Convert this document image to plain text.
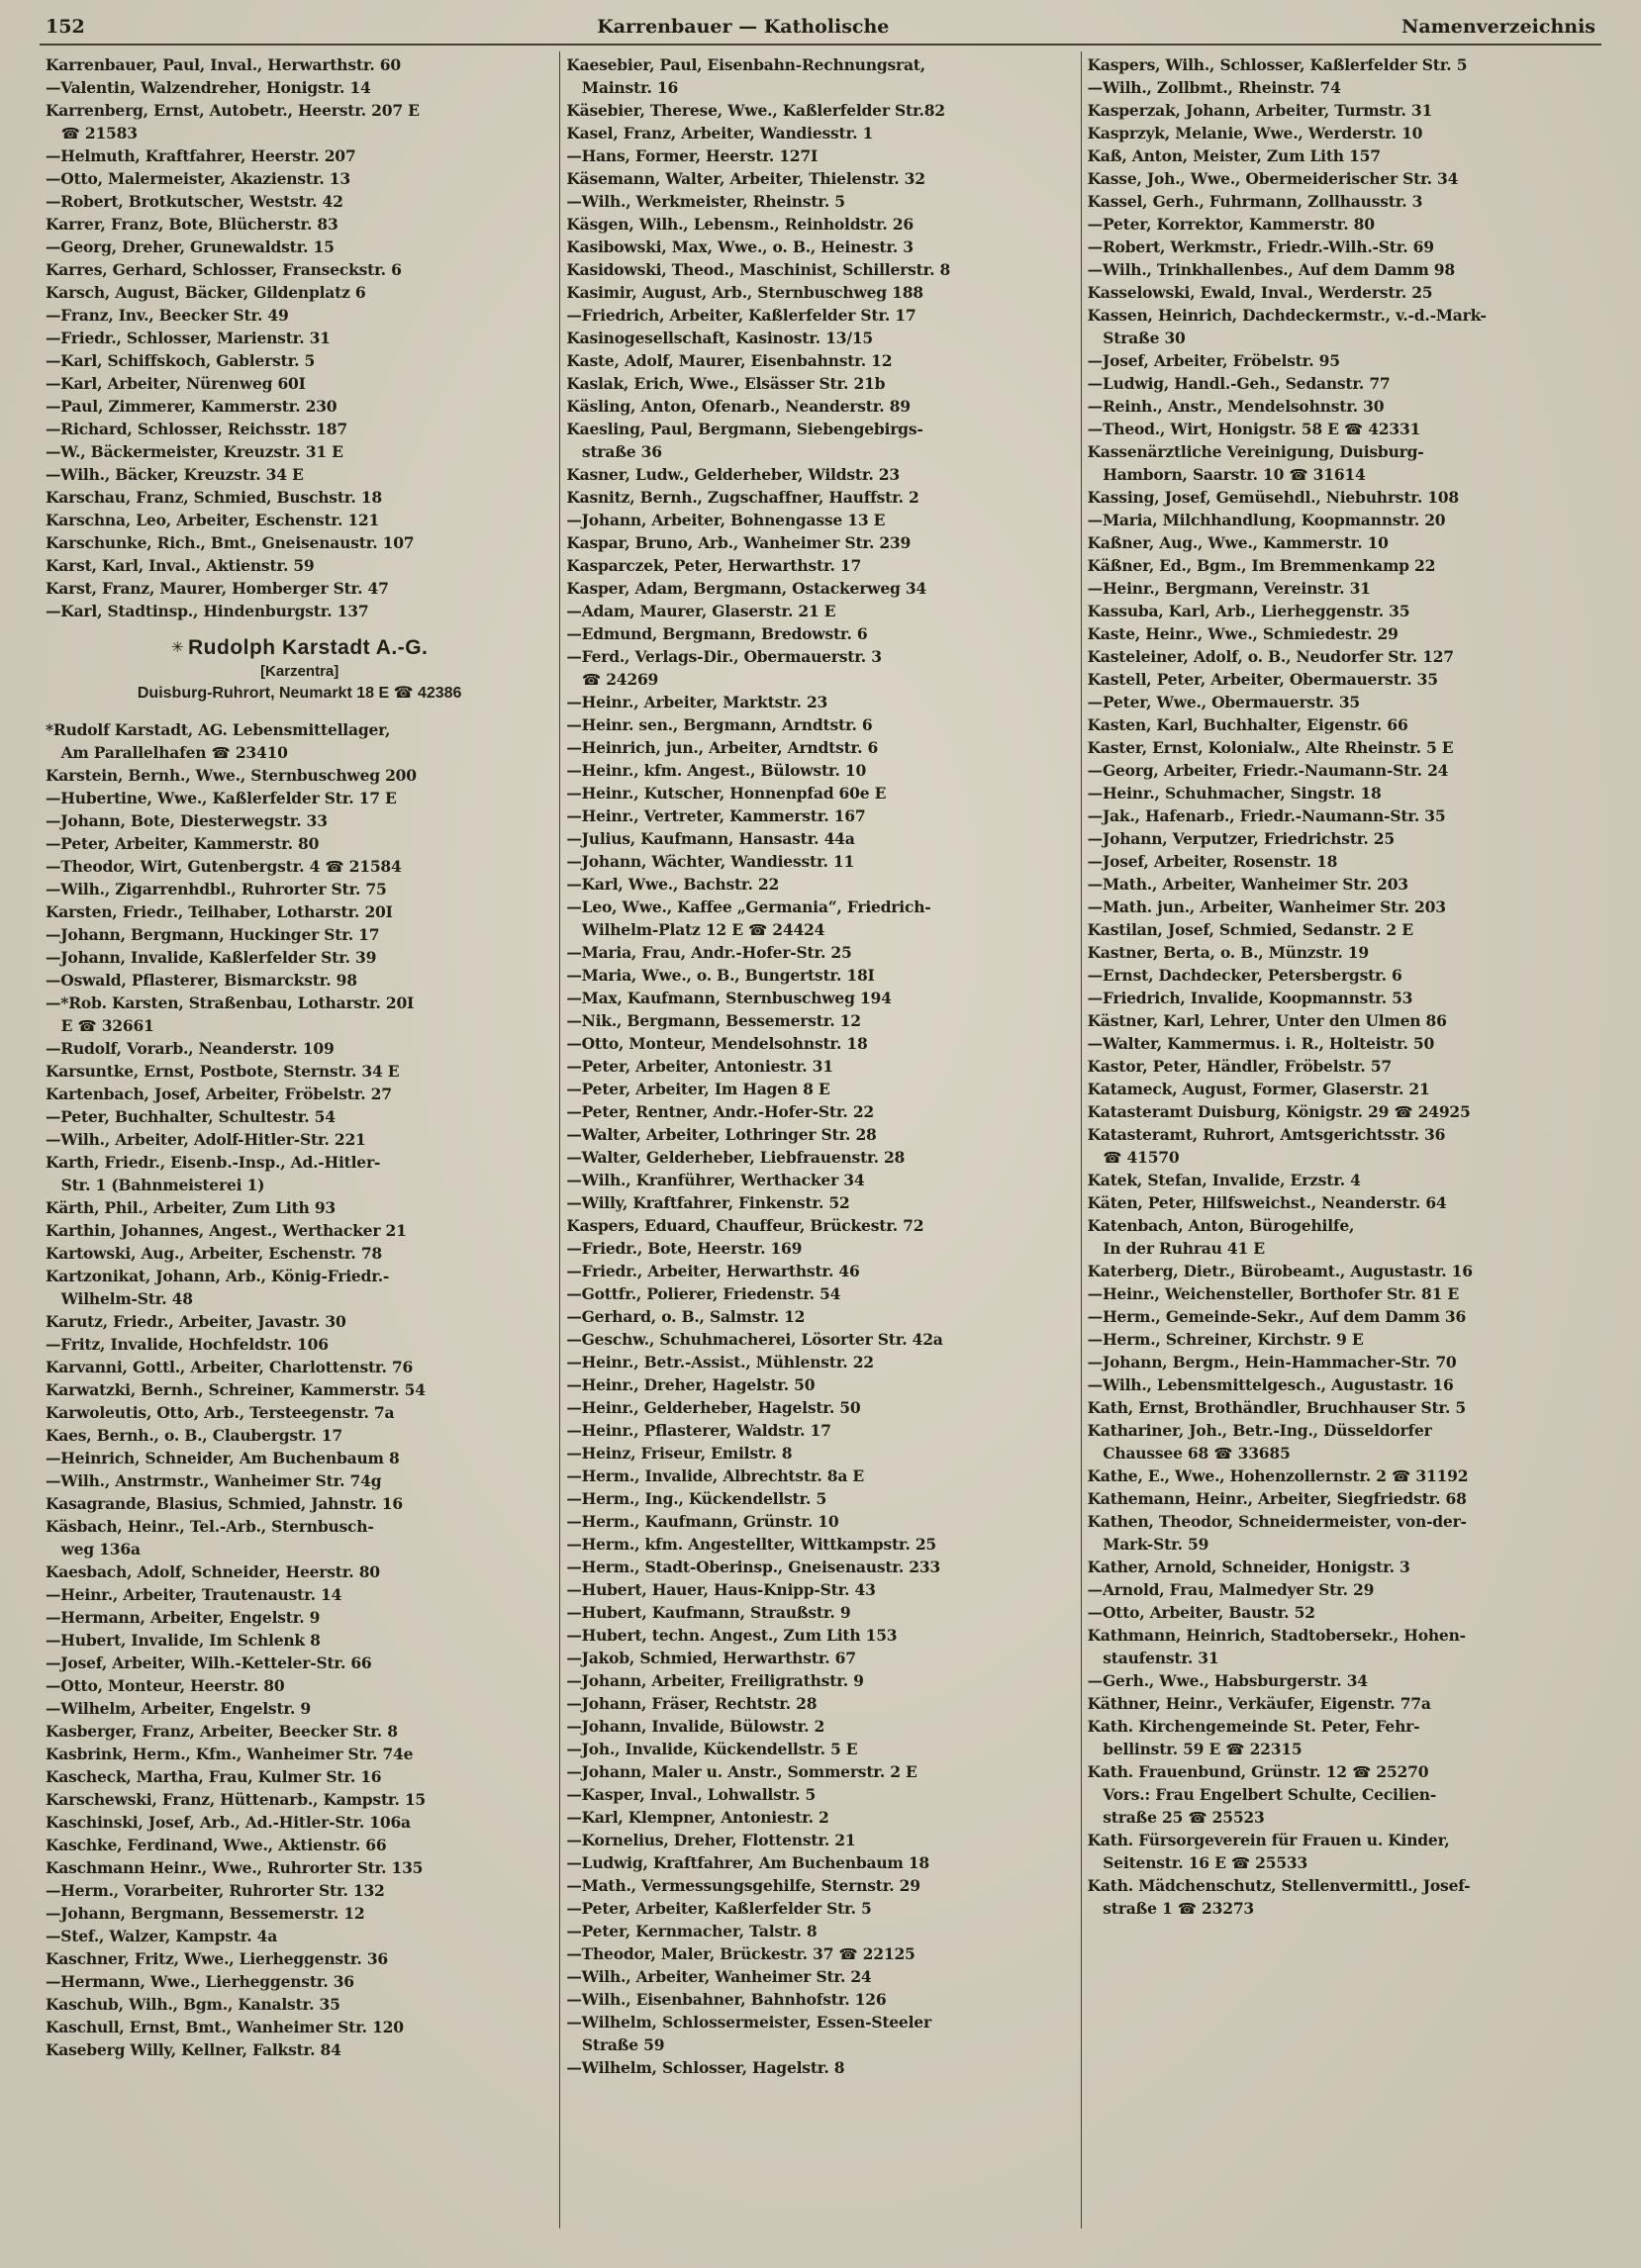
152	Karrenbauer — Katholische	Namenverzeichnis
Karrenbauer, Paul, Inval., Herwarthstr. 60
—Valentin, Walzendreher, Honigstr. 14
Karrenberg, Ernst, Autobetr., Heerstr. 207 E
☎ 21583
—Helmuth, Kraftfahrer, Heerstr. 207
—Otto, Malermeister, Akazienstr. 13
—Robert, Brotkutscher, Weststr. 42
Karrer, Franz, Bote, Blücherstr. 83
—Georg, Dreher, Grunewaldstr. 15
Karres, Gerhard, Schlosser, Franseckstr. 6
Karsch, August, Bäcker, Gildenplatz 6
—Franz, Inv., Beecker Str. 49
—Friedr., Schlosser, Marienstr. 31
—Karl, Schiffskoch, Gablerstr. 5
—Karl, Arbeiter, Nürenweg 60I
—Paul, Zimmerer, Kammerstr. 230
—Richard, Schlosser, Reichsstr. 187
—W., Bäckermeister, Kreuzstr. 31 E
—Wilh., Bäcker, Kreuzstr. 34 E
Karschau, Franz, Schmied, Buschstr. 18
Karschna, Leo, Arbeiter, Eschenstr. 121
Karschunke, Rich., Bmt., Gneisenaustr. 107
Karst, Karl, Inval., Aktienstr. 59
Karst, Franz, Maurer, Homberger Str. 47
—Karl, Stadtinsp., Hindenburgstr. 137
✳ Rudolph Karstadt A.-G.
[Karzentra]
Duisburg-Ruhrort, Neumarkt 18 E ☎ 42386
*Rudolf Karstadt, AG. Lebensmittellager,
Am Parallelhafen ☎ 23410
Karstein, Bernh., Wwe., Sternbuschweg 200
—Hubertine, Wwe., Kaßlerfelder Str. 17 E
—Johann, Bote, Diesterwegstr. 33
—Peter, Arbeiter, Kammerstr. 80
—Theodor, Wirt, Gutenbergstr. 4 ☎ 21584
—Wilh., Zigarrenhdbl., Ruhrorter Str. 75
Karsten, Friedr., Teilhaber, Lotharstr. 20I
—Johann, Bergmann, Huckinger Str. 17
—Johann, Invalide, Kaßlerfelder Str. 39
—Oswald, Pflasterer, Bismarckstr. 98
—*Rob. Karsten, Straßenbau, Lotharstr. 20I
E ☎ 32661
—Rudolf, Vorarb., Neanderstr. 109
Karsuntke, Ernst, Postbote, Sternstr. 34 E
Kartenbach, Josef, Arbeiter, Fröbelstr. 27
—Peter, Buchhalter, Schultestr. 54
—Wilh., Arbeiter, Adolf-Hitler-Str. 221
Karth, Friedr., Eisenb.-Insp., Ad.-Hitler-
Str. 1 (Bahnmeisterei 1)
Kärth, Phil., Arbeiter, Zum Lith 93
Karthin, Johannes, Angest., Werthacker 21
Kartowski, Aug., Arbeiter, Eschenstr. 78
Kartzonikat, Johann, Arb., König-Friedr.-
Wilhelm-Str. 48
Karutz, Friedr., Arbeiter, Javastr. 30
—Fritz, Invalide, Hochfeldstr. 106
Karvanni, Gottl., Arbeiter, Charlottenstr. 76
Karwatzki, Bernh., Schreiner, Kammerstr. 54
Karwoleutis, Otto, Arb., Tersteegenstr. 7a
Kaes, Bernh., o. B., Claubergstr. 17
—Heinrich, Schneider, Am Buchenbaum 8
—Wilh., Anstrmstr., Wanheimer Str. 74g
Kasagrande, Blasius, Schmied, Jahnstr. 16
Käsbach, Heinr., Tel.-Arb., Sternbusch-
weg 136a
Kaesbach, Adolf, Schneider, Heerstr. 80
—Heinr., Arbeiter, Trautenaustr. 14
—Hermann, Arbeiter, Engelstr. 9
—Hubert, Invalide, Im Schlenk 8
—Josef, Arbeiter, Wilh.-Ketteler-Str. 66
—Otto, Monteur, Heerstr. 80
—Wilhelm, Arbeiter, Engelstr. 9
Kasberger, Franz, Arbeiter, Beecker Str. 8
Kasbrink, Herm., Kfm., Wanheimer Str. 74e
Kascheck, Martha, Frau, Kulmer Str. 16
Karschewski, Franz, Hüttenarb., Kampstr. 15
Kaschinski, Josef, Arb., Ad.-Hitler-Str. 106a
Kaschke, Ferdinand, Wwe., Aktienstr. 66
Kaschmann Heinr., Wwe., Ruhrorter Str. 135
—Herm., Vorarbeiter, Ruhrorter Str. 132
—Johann, Bergmann, Bessemerstr. 12
—Stef., Walzer, Kampstr. 4a
Kaschner, Fritz, Wwe., Lierheggenstr. 36
—Hermann, Wwe., Lierheggenstr. 36
Kaschub, Wilh., Bgm., Kanalstr. 35
Kaschull, Ernst, Bmt., Wanheimer Str. 120
Kaseberg Willy, Kellner, Falkstr. 84
Kaesebier, Paul, Eisenbahn-Rechnungsrat,
Mainstr. 16
Käsebier, Therese, Wwe., Kaßlerfelder Str.82
Kasel, Franz, Arbeiter, Wandiesstr. 1
—Hans, Former, Heerstr. 127I
Käsemann, Walter, Arbeiter, Thielenstr. 32
—Wilh., Werkmeister, Rheinstr. 5
Käsgen, Wilh., Lebensm., Reinholdstr. 26
Kasibowski, Max, Wwe., o. B., Heinestr. 3
Kasidowski, Theod., Maschinist, Schillerstr. 8
Kasimir, August, Arb., Sternbuschweg 188
—Friedrich, Arbeiter, Kaßlerfelder Str. 17
Kasinogesellschaft, Kasinostr. 13/15
Kaste, Adolf, Maurer, Eisenbahnstr. 12
Kaslak, Erich, Wwe., Elsässer Str. 21b
Käsling, Anton, Ofenarb., Neanderstr. 89
Kaesling, Paul, Bergmann, Siebengebirgs-
straße 36
Kasner, Ludw., Gelderheber, Wildstr. 23
Kasnitz, Bernh., Zugschaffner, Hauffstr. 2
—Johann, Arbeiter, Bohnengasse 13 E
Kaspar, Bruno, Arb., Wanheimer Str. 239
Kasparczek, Peter, Herwarthstr. 17
Kasper, Adam, Bergmann, Ostackerweg 34
—Adam, Maurer, Glaserstr. 21 E
—Edmund, Bergmann, Bredowstr. 6
—Ferd., Verlags-Dir., Obermauerstr. 3
☎ 24269
—Heinr., Arbeiter, Marktstr. 23
—Heinr. sen., Bergmann, Arndtstr. 6
—Heinrich, jun., Arbeiter, Arndtstr. 6
—Heinr., kfm. Angest., Bülowstr. 10
—Heinr., Kutscher, Honnenpfad 60e E
—Heinr., Vertreter, Kammerstr. 167
—Julius, Kaufmann, Hansastr. 44a
—Johann, Wächter, Wandiesstr. 11
—Karl, Wwe., Bachstr. 22
—Leo, Wwe., Kaffee „Germania“, Friedrich-
Wilhelm-Platz 12 E ☎ 24424
—Maria, Frau, Andr.-Hofer-Str. 25
—Maria, Wwe., o. B., Bungertstr. 18I
—Max, Kaufmann, Sternbuschweg 194
—Nik., Bergmann, Bessemerstr. 12
—Otto, Monteur, Mendelsohnstr. 18
—Peter, Arbeiter, Antoniestr. 31
—Peter, Arbeiter, Im Hagen 8 E
—Peter, Rentner, Andr.-Hofer-Str. 22
—Walter, Arbeiter, Lothringer Str. 28
—Walter, Gelderheber, Liebfrauenstr. 28
—Wilh., Kranführer, Werthacker 34
—Willy, Kraftfahrer, Finkenstr. 52
Kaspers, Eduard, Chauffeur, Brückestr. 72
—Friedr., Bote, Heerstr. 169
—Friedr., Arbeiter, Herwarthstr. 46
—Gottfr., Polierer, Friedenstr. 54
—Gerhard, o. B., Salmstr. 12
—Geschw., Schuhmacherei, Lösorter Str. 42a
—Heinr., Betr.-Assist., Mühlenstr. 22
—Heinr., Dreher, Hagelstr. 50
—Heinr., Gelderheber, Hagelstr. 50
—Heinr., Pflasterer, Waldstr. 17
—Heinz, Friseur, Emilstr. 8
—Herm., Invalide, Albrechtstr. 8a E
—Herm., Ing., Kückendellstr. 5
—Herm., Kaufmann, Grünstr. 10
—Herm., kfm. Angestellter, Wittkampstr. 25
—Herm., Stadt-Oberinsp., Gneisenaustr. 233
—Hubert, Hauer, Haus-Knipp-Str. 43
—Hubert, Kaufmann, Straußstr. 9
—Hubert, techn. Angest., Zum Lith 153
—Jakob, Schmied, Herwarthstr. 67
—Johann, Arbeiter, Freiligrathstr. 9
—Johann, Fräser, Rechtstr. 28
—Johann, Invalide, Bülowstr. 2
—Joh., Invalide, Kückendellstr. 5 E
—Johann, Maler u. Anstr., Sommerstr. 2 E
—Kasper, Inval., Lohwallstr. 5
—Karl, Klempner, Antoniestr. 2
—Kornelius, Dreher, Flottenstr. 21
—Ludwig, Kraftfahrer, Am Buchenbaum 18
—Math., Vermessungsgehilfe, Sternstr. 29
—Peter, Arbeiter, Kaßlerfelder Str. 5
—Peter, Kernmacher, Talstr. 8
—Theodor, Maler, Brückestr. 37 ☎ 22125
—Wilh., Arbeiter, Wanheimer Str. 24
—Wilh., Eisenbahner, Bahnhofstr. 126
—Wilhelm, Schlossermeister, Essen-Steeler
Straße 59
—Wilhelm, Schlosser, Hagelstr. 8
Kaspers, Wilh., Schlosser, Kaßlerfelder Str. 5
—Wilh., Zollbmt., Rheinstr. 74
Kasperzak, Johann, Arbeiter, Turmstr. 31
Kasprzyk, Melanie, Wwe., Werderstr. 10
Kaß, Anton, Meister, Zum Lith 157
Kasse, Joh., Wwe., Obermeiderischer Str. 34
Kassel, Gerh., Fuhrmann, Zollhausstr. 3
—Peter, Korrektor, Kammerstr. 80
—Robert, Werkmstr., Friedr.-Wilh.-Str. 69
—Wilh., Trinkhallenbes., Auf dem Damm 98
Kasselowski, Ewald, Inval., Werderstr. 25
Kassen, Heinrich, Dachdeckermstr., v.-d.-Mark-
Straße 30
—Josef, Arbeiter, Fröbelstr. 95
—Ludwig, Handl.-Geh., Sedanstr. 77
—Reinh., Anstr., Mendelsohnstr. 30
—Theod., Wirt, Honigstr. 58 E ☎ 42331
Kassenärztliche Vereinigung, Duisburg-
Hamborn, Saarstr. 10 ☎ 31614
Kassing, Josef, Gemüsehdl., Niebuhrstr. 108
—Maria, Milchhandlung, Koopmannstr. 20
Kaßner, Aug., Wwe., Kammerstr. 10
Käßner, Ed., Bgm., Im Bremmenkamp 22
—Heinr., Bergmann, Vereinstr. 31
Kassuba, Karl, Arb., Lierheggenstr. 35
Kaste, Heinr., Wwe., Schmiedestr. 29
Kasteleiner, Adolf, o. B., Neudorfer Str. 127
Kastell, Peter, Arbeiter, Obermauerstr. 35
—Peter, Wwe., Obermauerstr. 35
Kasten, Karl, Buchhalter, Eigenstr. 66
Kaster, Ernst, Kolonialw., Alte Rheinstr. 5 E
—Georg, Arbeiter, Friedr.-Naumann-Str. 24
—Heinr., Schuhmacher, Singstr. 18
—Jak., Hafenarb., Friedr.-Naumann-Str. 35
—Johann, Verputzer, Friedrichstr. 25
—Josef, Arbeiter, Rosenstr. 18
—Math., Arbeiter, Wanheimer Str. 203
—Math. jun., Arbeiter, Wanheimer Str. 203
Kastilan, Josef, Schmied, Sedanstr. 2 E
Kastner, Berta, o. B., Münzstr. 19
—Ernst, Dachdecker, Petersbergstr. 6
—Friedrich, Invalide, Koopmannstr. 53
Kästner, Karl, Lehrer, Unter den Ulmen 86
—Walter, Kammermus. i. R., Holteistr. 50
Kastor, Peter, Händler, Fröbelstr. 57
Katameck, August, Former, Glaserstr. 21
Katasteramt Duisburg, Königstr. 29 ☎ 24925
Katasteramt, Ruhrort, Amtsgerichtsstr. 36
☎ 41570
Katek, Stefan, Invalide, Erzstr. 4
Käten, Peter, Hilfsweichst., Neanderstr. 64
Katenbach, Anton, Bürogehilfe,
In der Ruhrau 41 E
Katerberg, Dietr., Bürobeamt., Augustastr. 16
—Heinr., Weichensteller, Borthofer Str. 81 E
—Herm., Gemeinde-Sekr., Auf dem Damm 36
—Herm., Schreiner, Kirchstr. 9 E
—Johann, Bergm., Hein-Hammacher-Str. 70
—Wilh., Lebensmittelgesch., Augustastr. 16
Kath, Ernst, Brothändler, Bruchhauser Str. 5
Kathariner, Joh., Betr.-Ing., Düsseldorfer
Chaussee 68 ☎ 33685
Kathe, E., Wwe., Hohenzollernstr. 2 ☎ 31192
Kathemann, Heinr., Arbeiter, Siegfriedstr. 68
Kathen, Theodor, Schneidermeister, von-der-
Mark-Str. 59
Kather, Arnold, Schneider, Honigstr. 3
—Arnold, Frau, Malmedyer Str. 29
—Otto, Arbeiter, Baustr. 52
Kathmann, Heinrich, Stadtobersekr., Hohen-
staufenstr. 31
—Gerh., Wwe., Habsburgerstr. 34
Käthner, Heinr., Verkäufer, Eigenstr. 77a
Kath. Kirchengemeinde St. Peter, Fehr-
bellinstr. 59 E ☎ 22315
Kath. Frauenbund, Grünstr. 12 ☎ 25270
Vors.: Frau Engelbert Schulte, Cecilien-
straße 25 ☎ 25523
Kath. Fürsorgeverein für Frauen u. Kinder,
Seitenstr. 16 E ☎ 25533
Kath. Mädchenschutz, Stellenvermittl., Josef-
straße 1 ☎ 23273
